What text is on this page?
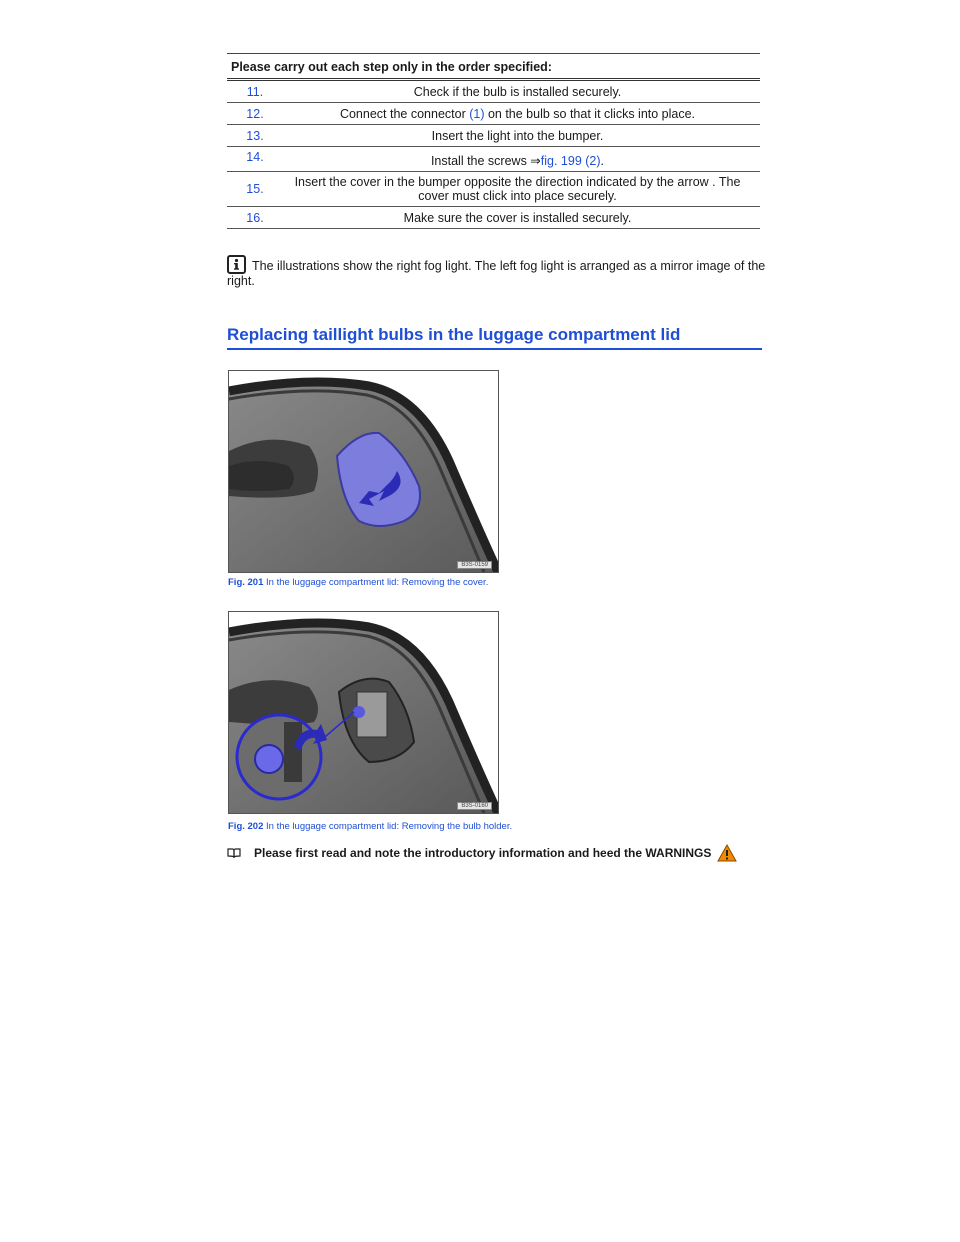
Please carry out each step only in the order specified:
11.	Check if the bulb is installed securely.
12.	Connect the connector (1) on the bulb so that it clicks into place.
13.	Insert the light into the bumper.
14.	Install the screws ⇒fig. 199 (2).
15.	Insert the cover in the bumper opposite the direction indicated by the arrow . The cover must click into place securely.
16.	Make sure the cover is installed securely.
The illustrations show the right fog light. The left fog light is arranged as a mirror image of the right.
Replacing taillight bulbs in the luggage compartment lid
B3S-0159
Fig. 201 In the luggage compartment lid: Removing the cover.
B3S-0160
Fig. 202 In the luggage compartment lid: Removing the bulb holder.
Please first read and note the introductory information and heed the WARNINGS
